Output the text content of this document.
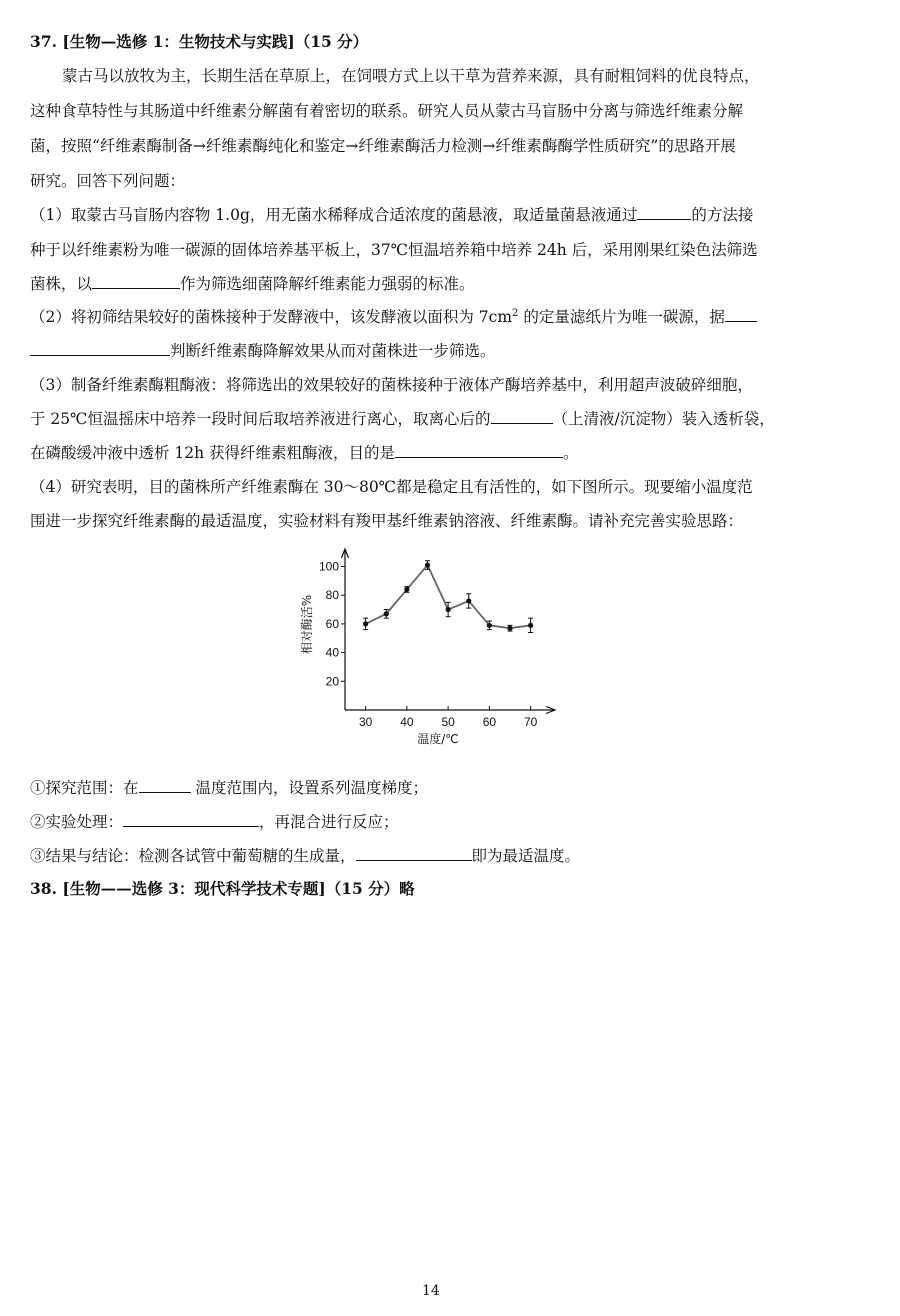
37. [生物—选修 1：生物技术与实践]（15 分）
蒙古马以放牧为主，长期生活在草原上，在饲喂方式上以干草为营养来源，具有耐粗饲料的优良特点，
这种食草特性与其肠道中纤维素分解菌有着密切的联系。研究人员从蒙古马盲肠中分离与筛选纤维素分解
菌，按照“纤维素酶制备→纤维素酶纯化和鉴定→纤维素酶活力检测→纤维素酶酶学性质研究”的思路开展
研究。回答下列问题：
（1）取蒙古马盲肠内容物 1.0g，用无菌水稀释成合适浓度的菌悬液，取适量菌悬液通过	的方法接
种于以纤维素粉为唯一碳源的固体培养基平板上，37℃恒温培养箱中培养 24h 后，采用刚果红染色法筛选
菌株，以	作为筛选细菌降解纤维素能力强弱的标准。
（2）将初筛结果较好的菌株接种于发酵液中，该发酵液以面积为 $7cm^2$ 的定量滤纸片为唯一碳源，据
判断纤维素酶降解效果从而对菌株进一步筛选。
（3）制备纤维素酶粗酶液：将筛选出的效果较好的菌株接种于液体产酶培养基中，利用超声波破碎细胞，
于 25℃恒温摇床中培养一段时间后取培养液进行离心，取离心后的	（上清液/沉淀物）装入透析袋，
在磷酸缓冲液中透析 12h 获得纤维素粗酶液，目的是	。
（4）研究表明，目的菌株所产纤维素酶在 30～80℃都是稳定且有活性的，如下图所示。现要缩小温度范
围进一步探究纤维素酶的最适温度，实验材料有羧甲基纤维素钠溶液、纤维素酶。请补充完善实验思路：
20
40
60
80
100
30 40 50 60 70
温度/℃
相对酶活%
①探究范围：在	温度范围内，设置系列温度梯度；
②实验处理：	，再混合进行反应；
③结果与结论：检测各试管中葡萄糖的生成量，	即为最适温度。
38. [生物——选修 3：现代科学技术专题]（15 分）略
14
